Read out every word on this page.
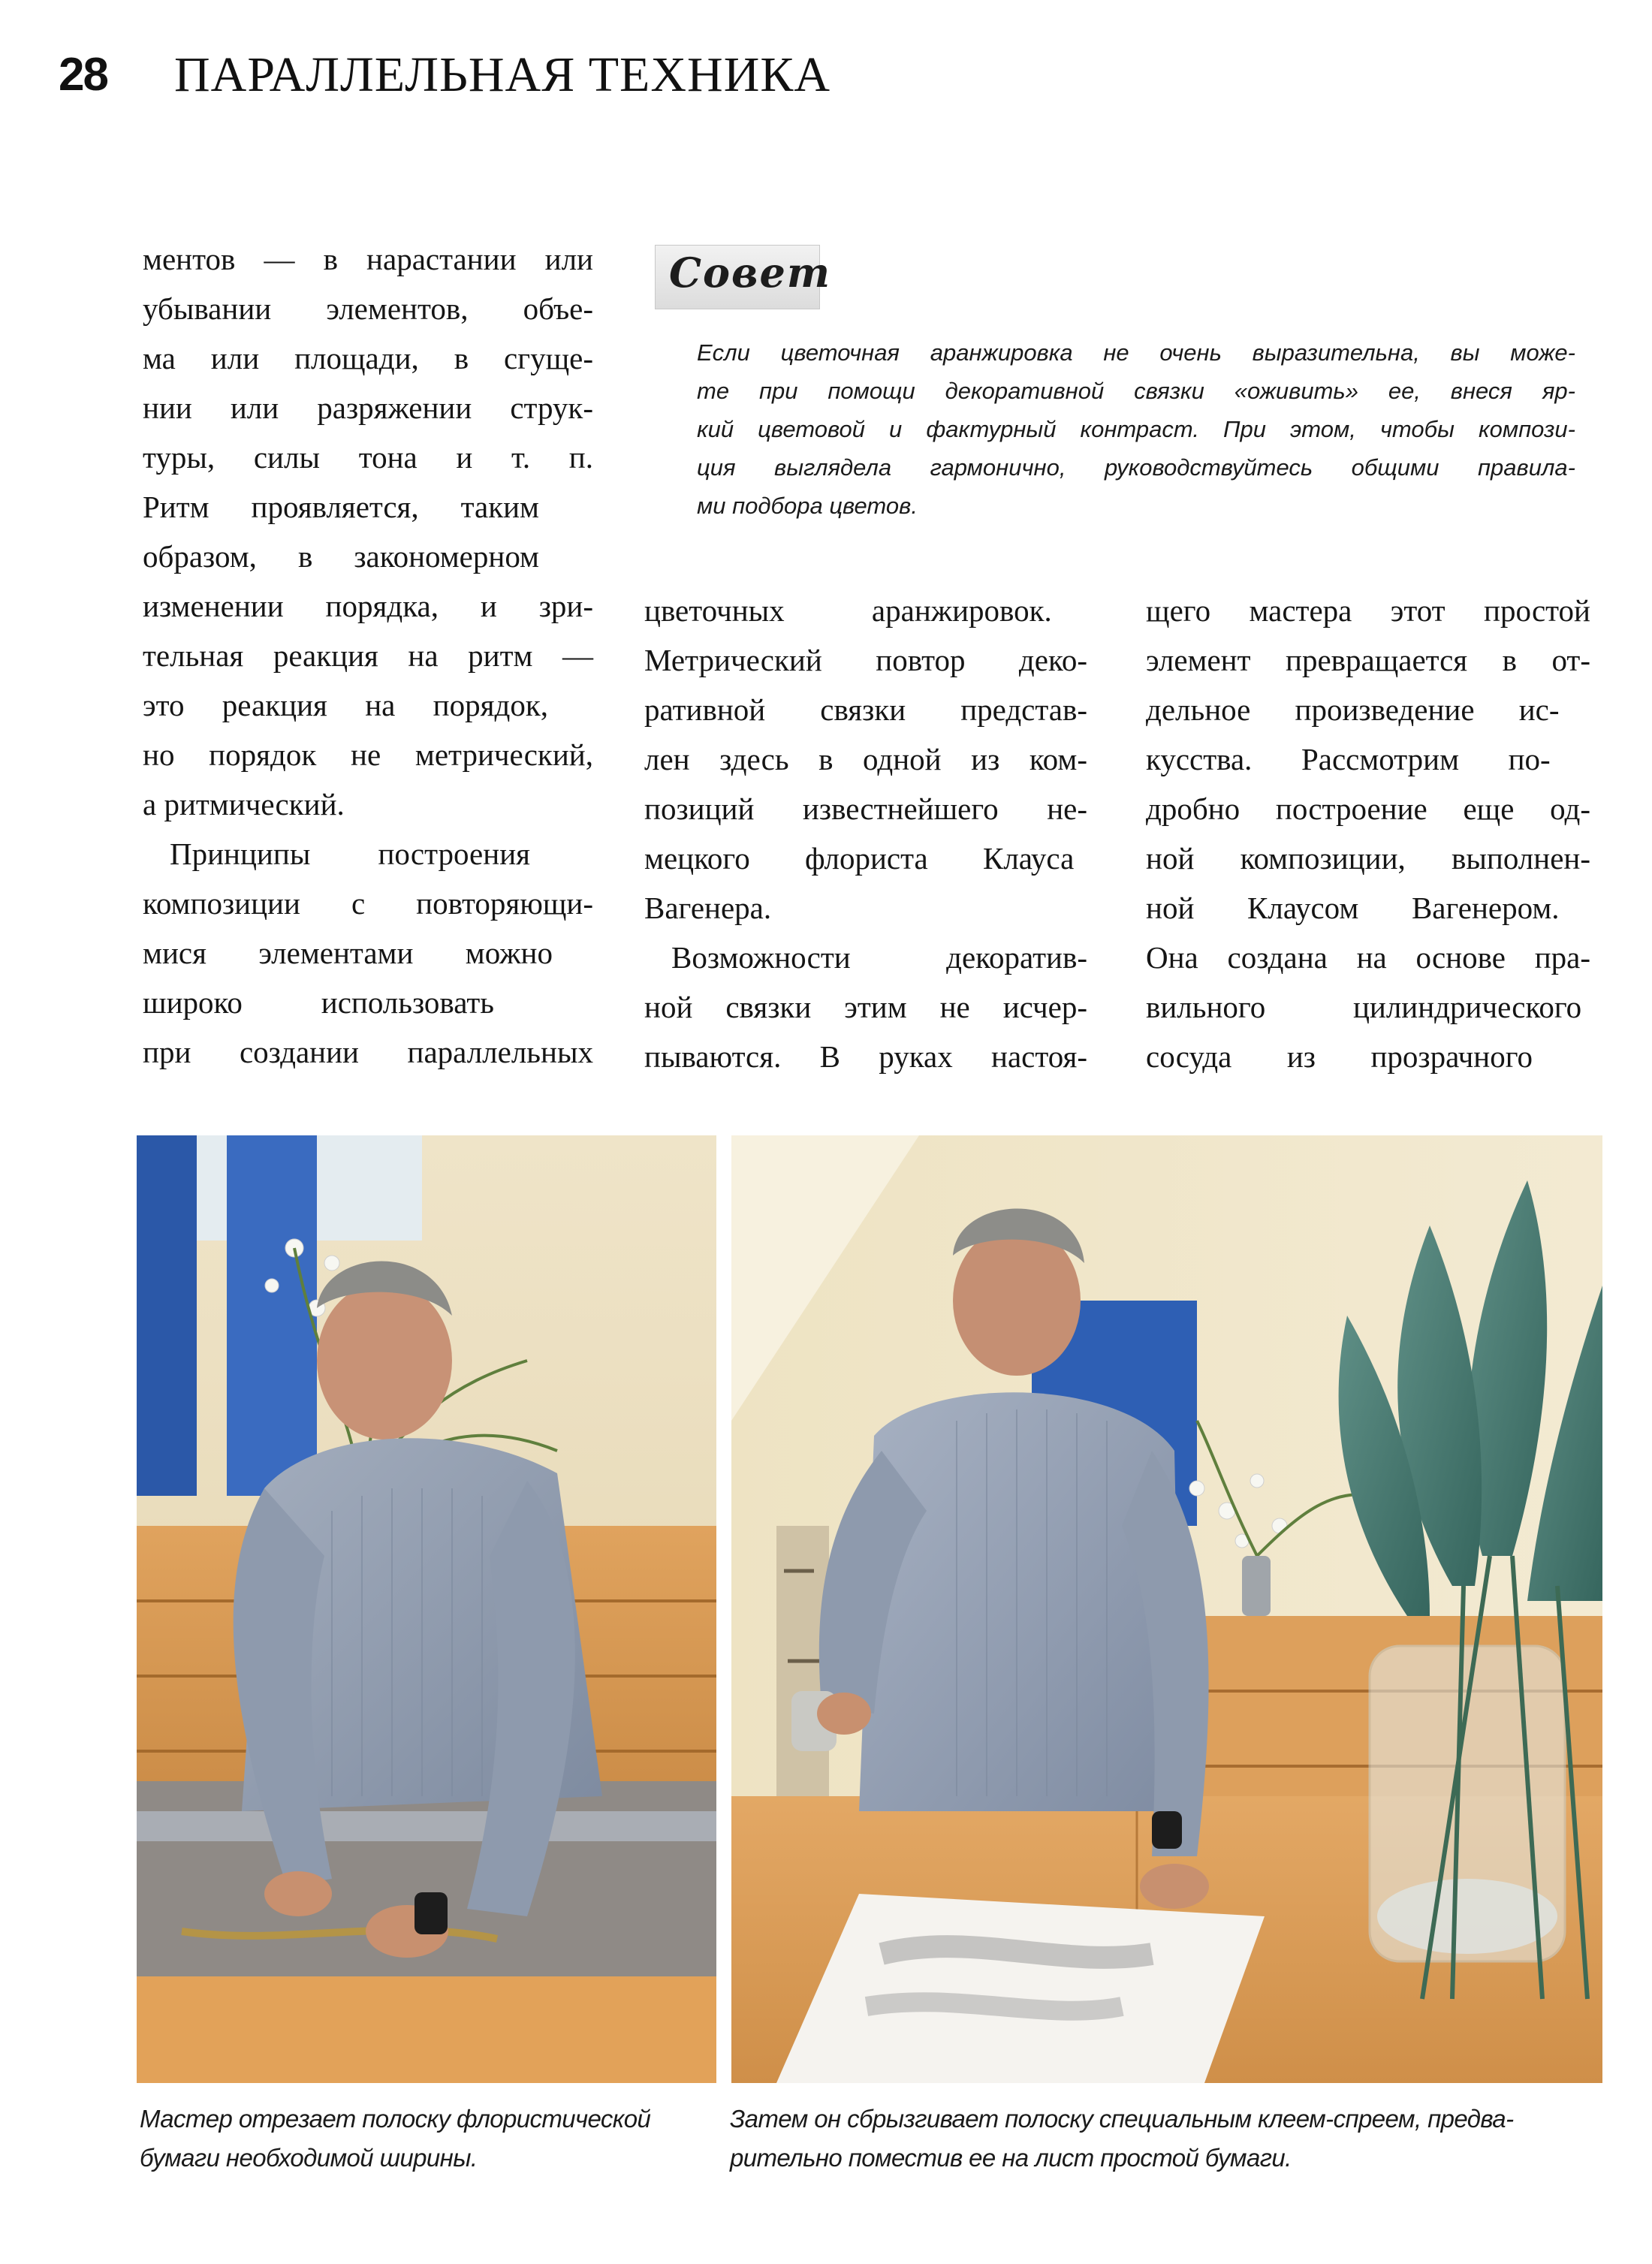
28 ПАРАЛЛЕЛЬНАЯ ТЕХНИКА

ментов — в нарастании или
убывании элементов, объе-
ма или площади, в сгуще-
нии или разряжении струк-
туры, силы тона и т. п.
Ритм проявляется, таким
образом, в закономерном
изменении порядка, и зри-
тельная реакция на ритм —
это реакция на порядок,
но порядок не метрический,
а ритмический.

Принципы построения
композиции с повторяющи-
мися элементами можно
широко использовать
при создании параллельных

Совет
Если цветочная аранжировка не очень выразительна, вы може-
те при помощи декоративной связки «оживить» ее, внеся яр-
кий цветовой и фактурный контраст. При этом, чтобы компози-
ция выглядела гармонично, руководствуйтесь общими правила-
ми подбора цветов.

цветочных аранжировок.
Метрический повтор деко-
ративной связки представ-
лен здесь в одной из ком-
позиций известнейшего не-
мецкого флориста Клауса
Вагенера.

Возможности декоратив-
ной связки этим не исчер-
пываются. В руках настоя-

щего мастера этот простой
элемент превращается в от-
дельное произведение ис-
кусства. Рассмотрим по-
дробно построение еще од-
ной композиции, выполнен-
ной Клаусом Вагенером.
Она создана на основе пра-
вильного цилиндрического
сосуда из прозрачного

Мастер отрезает полоску флористической
бумаги необходимой ширины.
Затем он сбрызгивает полоску специальным клеем-спреем, предва-
рительно поместив ее на лист простой бумаги.
